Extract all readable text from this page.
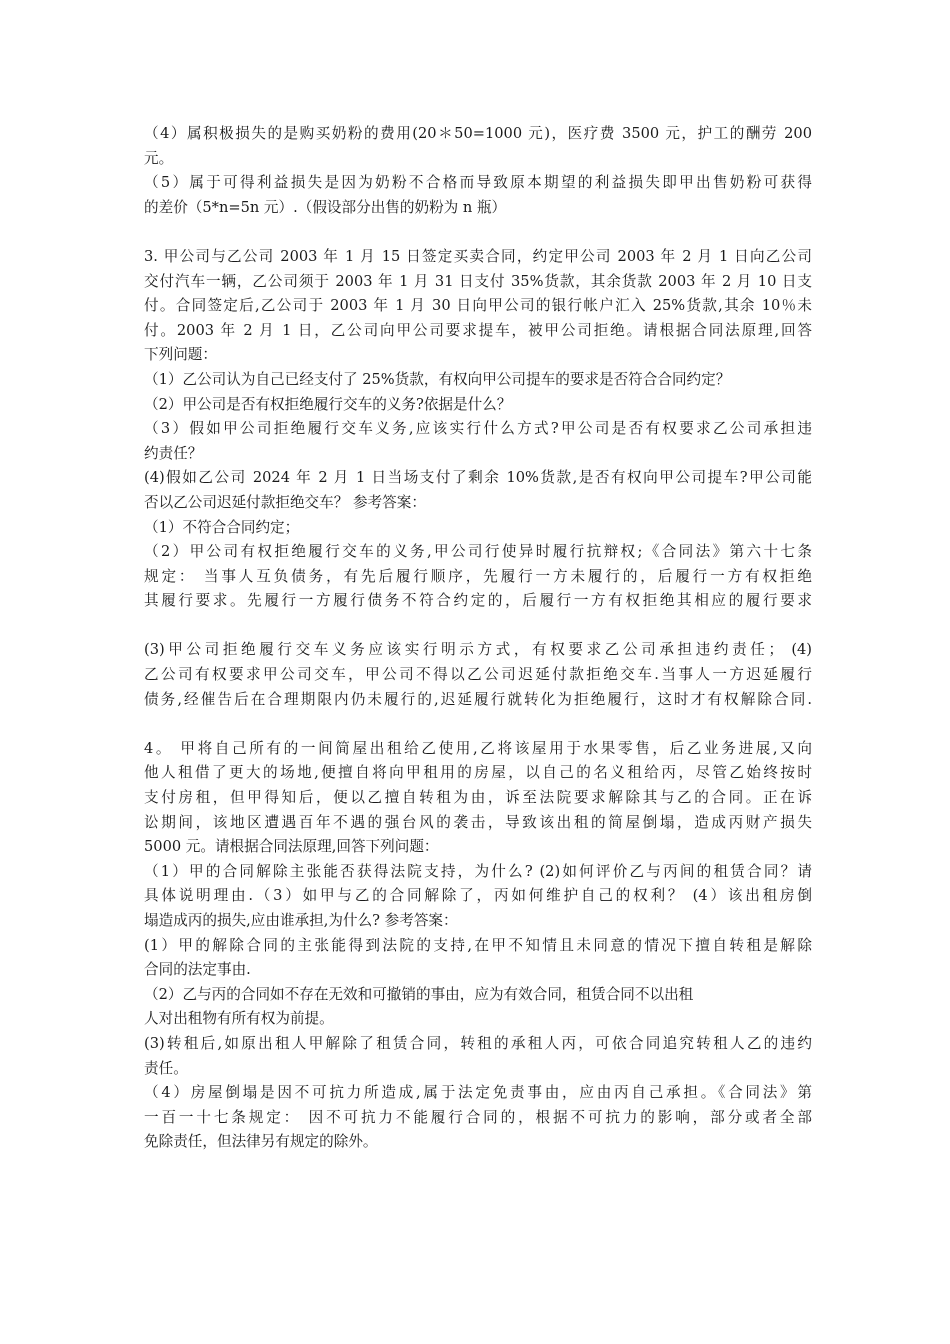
（4）属积极损失的是购买奶粉的费用(20＊50=1000 元)，医疗费 3500 元，护工的酬劳 200
元。
（5）属于可得利益损失是因为奶粉不合格而导致原本期望的利益损失即甲出售奶粉可获得
的差价（5*n=5n 元）.（假设部分出售的奶粉为 n 瓶）
3. 甲公司与乙公司 2003 年 1 月 15 日签定买卖合同，约定甲公司 2003 年 2 月 1 日向乙公司
交付汽车一辆，乙公司须于 2003 年 1 月 31 日支付 35%货款，其余货款 2003 年 2 月 10 日支
付。合同签定后,乙公司于 2003 年 1 月 30 日向甲公司的银行帐户汇入 25%货款,其余 10％未
付。2003 年 2 月 1 日，乙公司向甲公司要求提车，被甲公司拒绝。请根据合同法原理,回答
下列问题：
（1）乙公司认为自己已经支付了 25%货款，有权向甲公司提车的要求是否符合合同约定？
（2）甲公司是否有权拒绝履行交车的义务?依据是什么？
（3）假如甲公司拒绝履行交车义务,应该实行什么方式?甲公司是否有权要求乙公司承担违
约责任？
(4)假如乙公司 2024 年 2 月 1 日当场支付了剩余 10%货款,是否有权向甲公司提车?甲公司能
否以乙公司迟延付款拒绝交车？ 参考答案：
（1）不符合合同约定；
（2）甲公司有权拒绝履行交车的义务,甲公司行使异时履行抗辩权;《合同法》第六十七条
规定： 当事人互负债务，有先后履行顺序，先履行一方未履行的，后履行一方有权拒绝
其履行要求。先履行一方履行债务不符合约定的，后履行一方有权拒绝其相应的履行要求
(3)甲公司拒绝履行交车义务应该实行明示方式，有权要求乙公司承担违约责任； (4)
乙公司有权要求甲公司交车，甲公司不得以乙公司迟延付款拒绝交车.当事人一方迟延履行
债务,经催告后在合理期限内仍未履行的,迟延履行就转化为拒绝履行，这时才有权解除合同.
4。 甲将自己所有的一间简屋出租给乙使用,乙将该屋用于水果零售，后乙业务进展,又向
他人租借了更大的场地,便擅自将向甲租用的房屋，以自己的名义租给丙，尽管乙始终按时
支付房租，但甲得知后，便以乙擅自转租为由，诉至法院要求解除其与乙的合同。正在诉
讼期间，该地区遭遇百年不遇的强台风的袭击，导致该出租的简屋倒塌，造成丙财产损失
5000 元。请根据合同法原理,回答下列问题：
（1）甲的合同解除主张能否获得法院支持，为什么? (2)如何评价乙与丙间的租赁合同？请
具体说明理由.（3）如甲与乙的合同解除了，丙如何维护自己的权利？ (4）该出租房倒
塌造成丙的损失,应由谁承担,为什么? 参考答案：
(1）甲的解除合同的主张能得到法院的支持,在甲不知情且未同意的情况下擅自转租是解除
合同的法定事由.
（2）乙与丙的合同如不存在无效和可撤销的事由，应为有效合同，租赁合同不以出租
人对出租物有所有权为前提。
(3)转租后,如原出租人甲解除了租赁合同，转租的承租人丙，可依合同追究转租人乙的违约
责任。
（4）房屋倒塌是因不可抗力所造成,属于法定免责事由，应由丙自己承担。《合同法》第
一百一十七条规定： 因不可抗力不能履行合同的，根据不可抗力的影响，部分或者全部
免除责任，但法律另有规定的除外。
